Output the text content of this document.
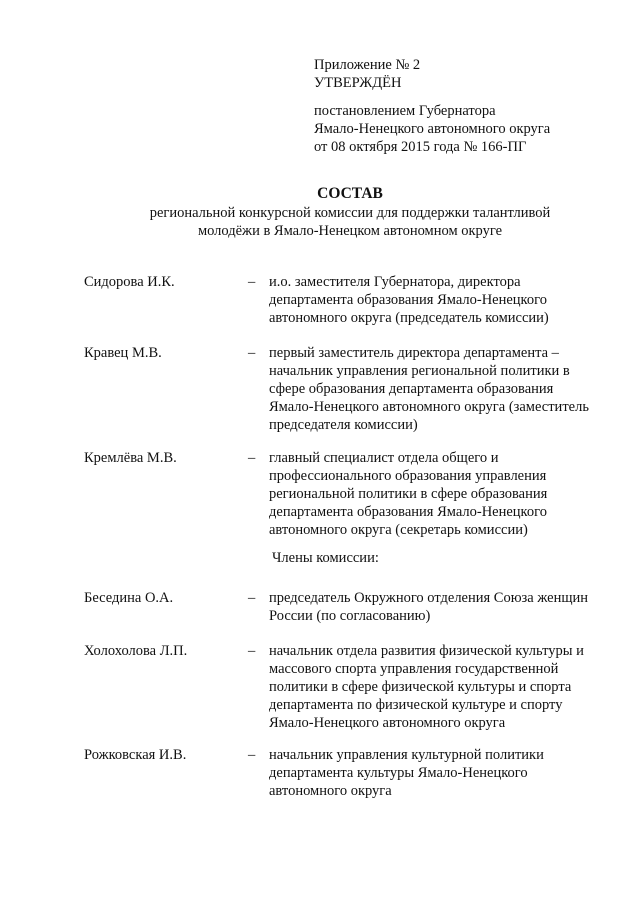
Приложение № 2
УТВЕРЖДЁН
постановлением Губернатора
Ямало-Ненецкого автономного округа
от 08 октября 2015 года № 166-ПГ
СОСТАВ
региональной конкурсной комиссии для поддержки талантливой
молодёжи в Ямало-Ненецком автономном округе
Сидорова И.К.	– и.о. заместителя Губернатора, директора
департамента образования Ямало-Ненецкого
автономного округа (председатель комиссии)
Кравец М.В.	– первый заместитель директора департамента –
начальник управления региональной политики в
сфере образования департамента образования
Ямало-Ненецкого автономного округа (заместитель
председателя комиссии)
Кремлёва М.В.	– главный специалист отдела общего и
профессионального образования управления
региональной политики в сфере образования
департамента образования Ямало-Ненецкого
автономного округа (секретарь комиссии)
Члены комиссии:
Беседина О.А.	– председатель Окружного отделения Союза женщин
России (по согласованию)
Холохолова Л.П.	– начальник отдела развития физической культуры и
массового спорта управления государственной
политики в сфере физической культуры и спорта
департамента по физической культуре и спорту
Ямало-Ненецкого автономного округа
Рожковская И.В.	– начальник управления культурной политики
департамента культуры Ямало-Ненецкого
автономного округа
